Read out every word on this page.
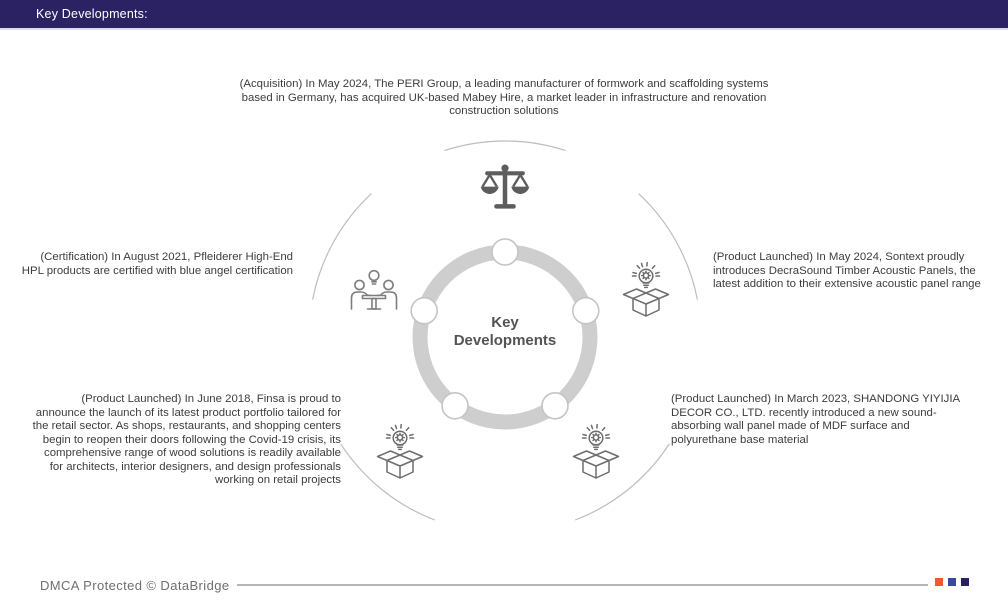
Key Developments:
Key
Developments
(Acquisition) In May 2024, The PERI Group, a leading manufacturer of formwork and scaffolding systems based in Germany, has acquired UK-based Mabey Hire, a market leader in infrastructure and renovation construction solutions
(Certification) In August 2021, Pfleiderer High-End HPL products are certified with blue angel certification
(Product Launched) In May 2024, Sontext proudly introduces DecraSound Timber Acoustic Panels, the latest addition to their extensive acoustic panel range
(Product Launched) In June 2018, Finsa is proud to announce the launch of its latest product portfolio tailored for the retail sector. As shops, restaurants, and shopping centers begin to reopen their doors following the Covid-19 crisis, its comprehensive range of wood solutions is readily available for architects, interior designers, and design professionals working on retail projects
(Product Launched) In March 2023, SHANDONG YIYIJIA DECOR CO., LTD. recently introduced a new sound-absorbing wall panel made of MDF surface and polyurethane base material
DMCA Protected © DataBridge
